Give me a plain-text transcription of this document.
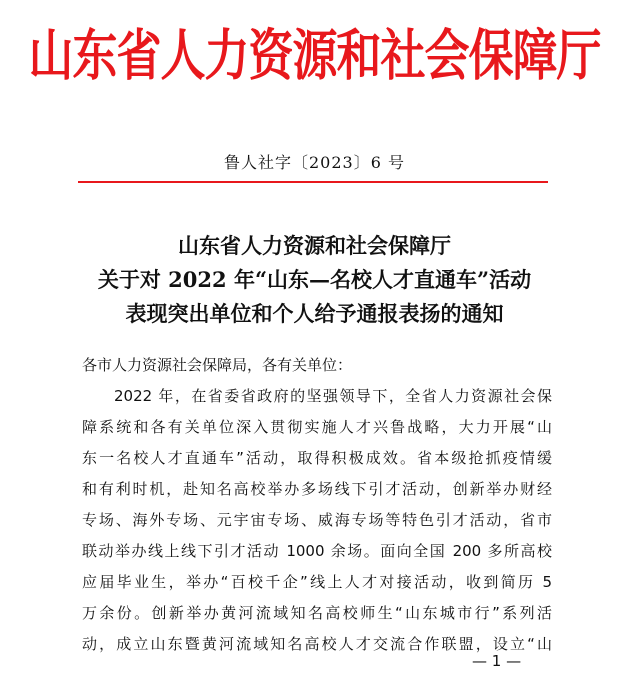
山东省人力资源和社会保障厅
鲁人社字〔2023〕6 号
山东省人力资源和社会保障厅
关于对 2022 年“山东—名校人才直通车”活动
表现突出单位和个人给予通报表扬的通知
各市人力资源社会保障局，各有关单位：
2022 年，在省委省政府的坚强领导下，全省人力资源社会保
障系统和各有关单位深入贯彻实施人才兴鲁战略，大力开展“山
东一名校人才直通车”活动，取得积极成效。省本级抢抓疫情缓
和有利时机，赴知名高校举办多场线下引才活动，创新举办财经
专场、海外专场、元宇宙专场、威海专场等特色引才活动，省市
联动举办线上线下引才活动 1000 余场。面向全国 200 多所高校
应届毕业生，举办“百校千企”线上人才对接活动，收到简历 5
万余份。创新举办黄河流域知名高校师生“山东城市行”系列活
动，成立山东暨黄河流域知名高校人才交流合作联盟，设立“山
— 1 —
